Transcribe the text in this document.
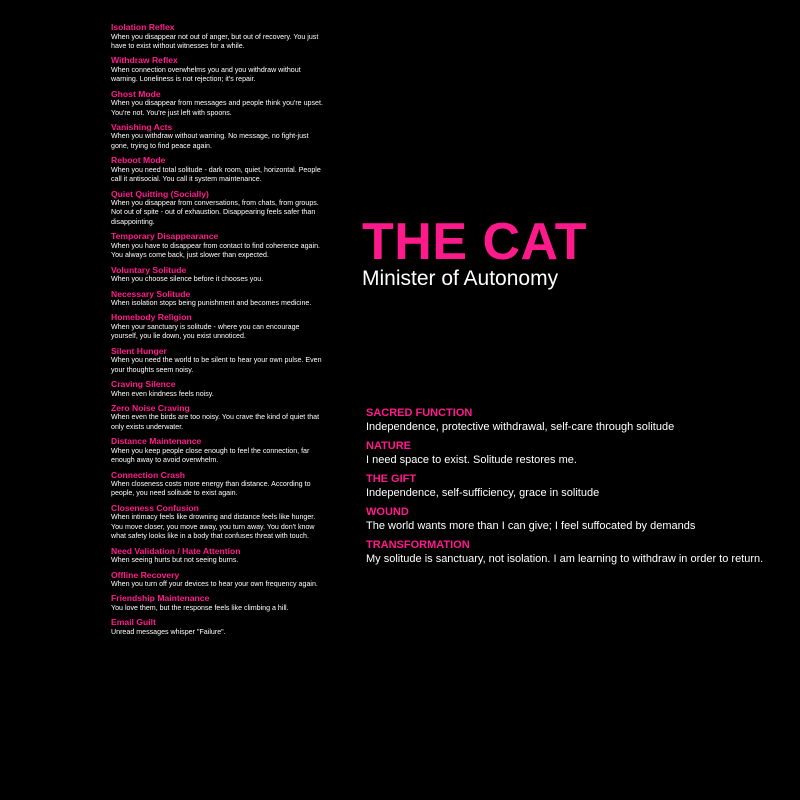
Isolation Reflex
When you disappear not out of anger, but out of recovery. You just have to exist without witnesses for a while.
Withdraw Reflex
When connection overwhelms you and you withdraw without warning. Loneliness is not rejection; it's repair.
Ghost Mode
When you disappear from messages and people think you're upset. You're not. You're just left with spoons.
Vanishing Acts
When you withdraw without warning. No message, no fight-just gone, trying to find peace again.
Reboot Mode
When you need total solitude - dark room, quiet, horizontal. People call it antisocial. You call it system maintenance.
Quiet Quitting (Socially)
When you disappear from conversations, from chats, from groups. Not out of spite - out of exhaustion. Disappearing feels safer than disappointing.
Temporary Disappearance
When you have to disappear from contact to find coherence again. You always come back, just slower than expected.
Voluntary Solitude
When you choose silence before it chooses you.
Necessary Solitude
When isolation stops being punishment and becomes medicine.
Homebody Religion
When your sanctuary is solitude - where you can encourage yourself, you lie down, you exist unnoticed.
Silent Hunger
When you need the world to be silent to hear your own pulse. Even your thoughts seem noisy.
Craving Silence
When even kindness feels noisy.
Zero Noise Craving
When even the birds are too noisy. You crave the kind of quiet that only exists underwater.
Distance Maintenance
When you keep people close enough to feel the connection, far enough away to avoid overwhelm.
Connection Crash
When closeness costs more energy than distance. According to people, you need solitude to exist again.
Closeness Confusion
When intimacy feels like drowning and distance feels like hunger. You move closer, you move away, you turn away. You don't know what safety looks like in a body that confuses threat with touch.
Need Validation / Hate Attention
When seeing hurts but not seeing burns.
Offline Recovery
When you turn off your devices to hear your own frequency again.
Friendship Maintenance
You love them, but the response feels like climbing a hill.
Email Guilt
Unread messages whisper "Failure".
THE CAT
Minister of Autonomy
SACRED FUNCTION
Independence, protective withdrawal, self-care through solitude
NATURE
I need space to exist. Solitude restores me.
THE GIFT
Independence, self-sufficiency, grace in solitude
WOUND
The world wants more than I can give; I feel suffocated by demands
TRANSFORMATION
My solitude is sanctuary, not isolation. I am learning to withdraw in order to return.
